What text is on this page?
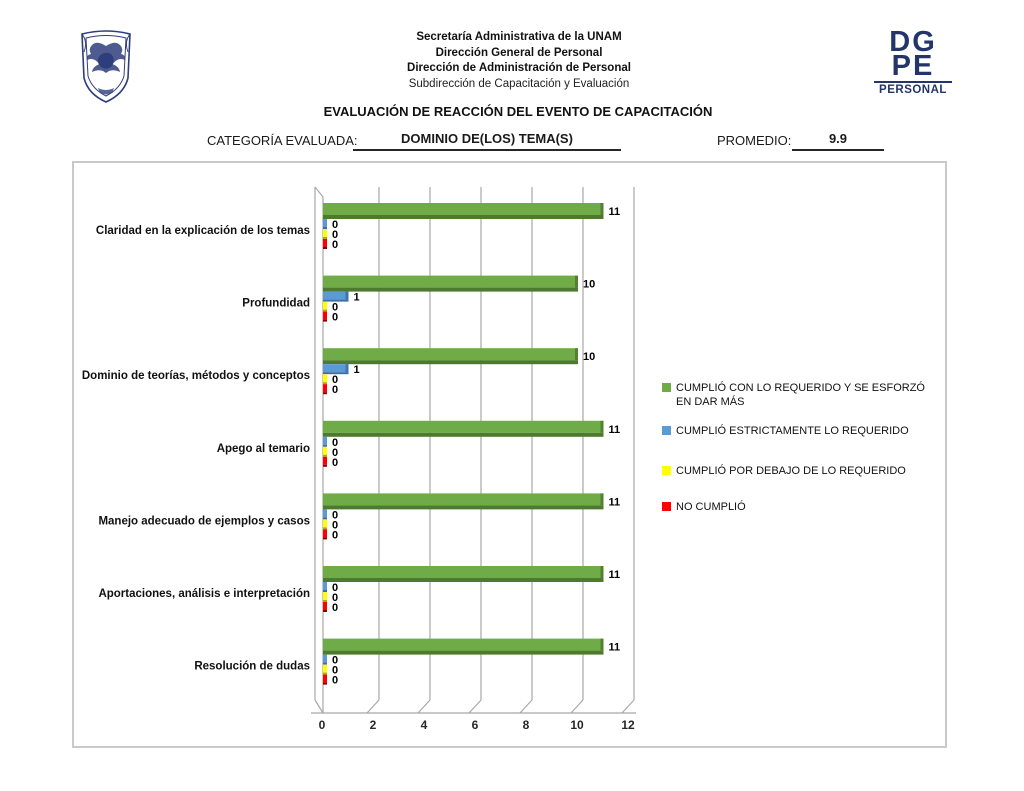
Secretaría Administrativa de la UNAM
Dirección General de Personal
Dirección de Administración de Personal
Subdirección de Capacitación y Evaluación
DG
PE
PERSONAL
EVALUACIÓN DE REACCIÓN DEL EVENTO DE CAPACITACIÓN
CATEGORÍA EVALUADA:	DOMINIO DE(LOS) TEMA(S)	PROMEDIO:	9.9
0	2	4	6	8	10	12
Claridad en la explicación de los temas
11
0
0
0
Profundidad
10
1
0
0
Dominio de teorías, métodos y conceptos
10
1
0
0
Apego al temario
11
0
0
0
Manejo adecuado de ejemplos y casos
11
0
0
0
Aportaciones, análisis e interpretación
11
0
0
0
Resolución de dudas
11
0
0
0
CUMPLIÓ CON LO REQUERIDO Y SE ESFORZÓ EN DAR MÁS
CUMPLIÓ ESTRICTAMENTE LO REQUERIDO
CUMPLIÓ POR DEBAJO DE LO REQUERIDO
NO CUMPLIÓ
